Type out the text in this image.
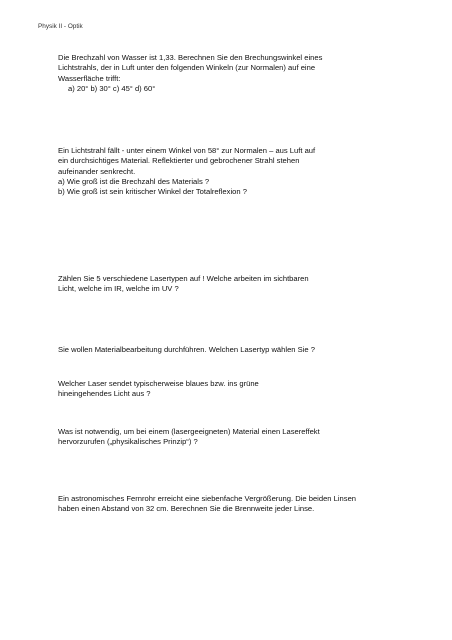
Physik II - Optik
Die Brechzahl von Wasser ist 1,33. Berechnen Sie den Brechungswinkel eines
Lichtstrahls, der in Luft unter den folgenden Winkeln (zur Normalen) auf eine
Wasserfläche trifft:
a) 20° b) 30° c) 45° d) 60°
Ein Lichtstrahl fällt - unter einem Winkel von 58° zur Normalen – aus Luft auf
ein durchsichtiges Material. Reflektierter und gebrochener Strahl stehen
aufeinander senkrecht.
a) Wie groß ist die Brechzahl des Materials ?
b) Wie groß ist sein kritischer Winkel der Totalreflexion ?
Zählen Sie 5 verschiedene Lasertypen auf ! Welche arbeiten im sichtbaren
Licht, welche im IR, welche im UV ?
Sie wollen Materialbearbeitung durchführen. Welchen Lasertyp wählen Sie ?
Welcher Laser sendet typischerweise blaues bzw. ins grüne
hineingehendes Licht aus ?
Was ist notwendig, um bei einem (lasergeeigneten) Material einen Lasereffekt
hervorzurufen („physikalisches Prinzip“) ?
Ein astronomisches Fernrohr erreicht eine siebenfache Vergrößerung. Die beiden Linsen
haben einen Abstand von 32 cm. Berechnen Sie die Brennweite jeder Linse.
